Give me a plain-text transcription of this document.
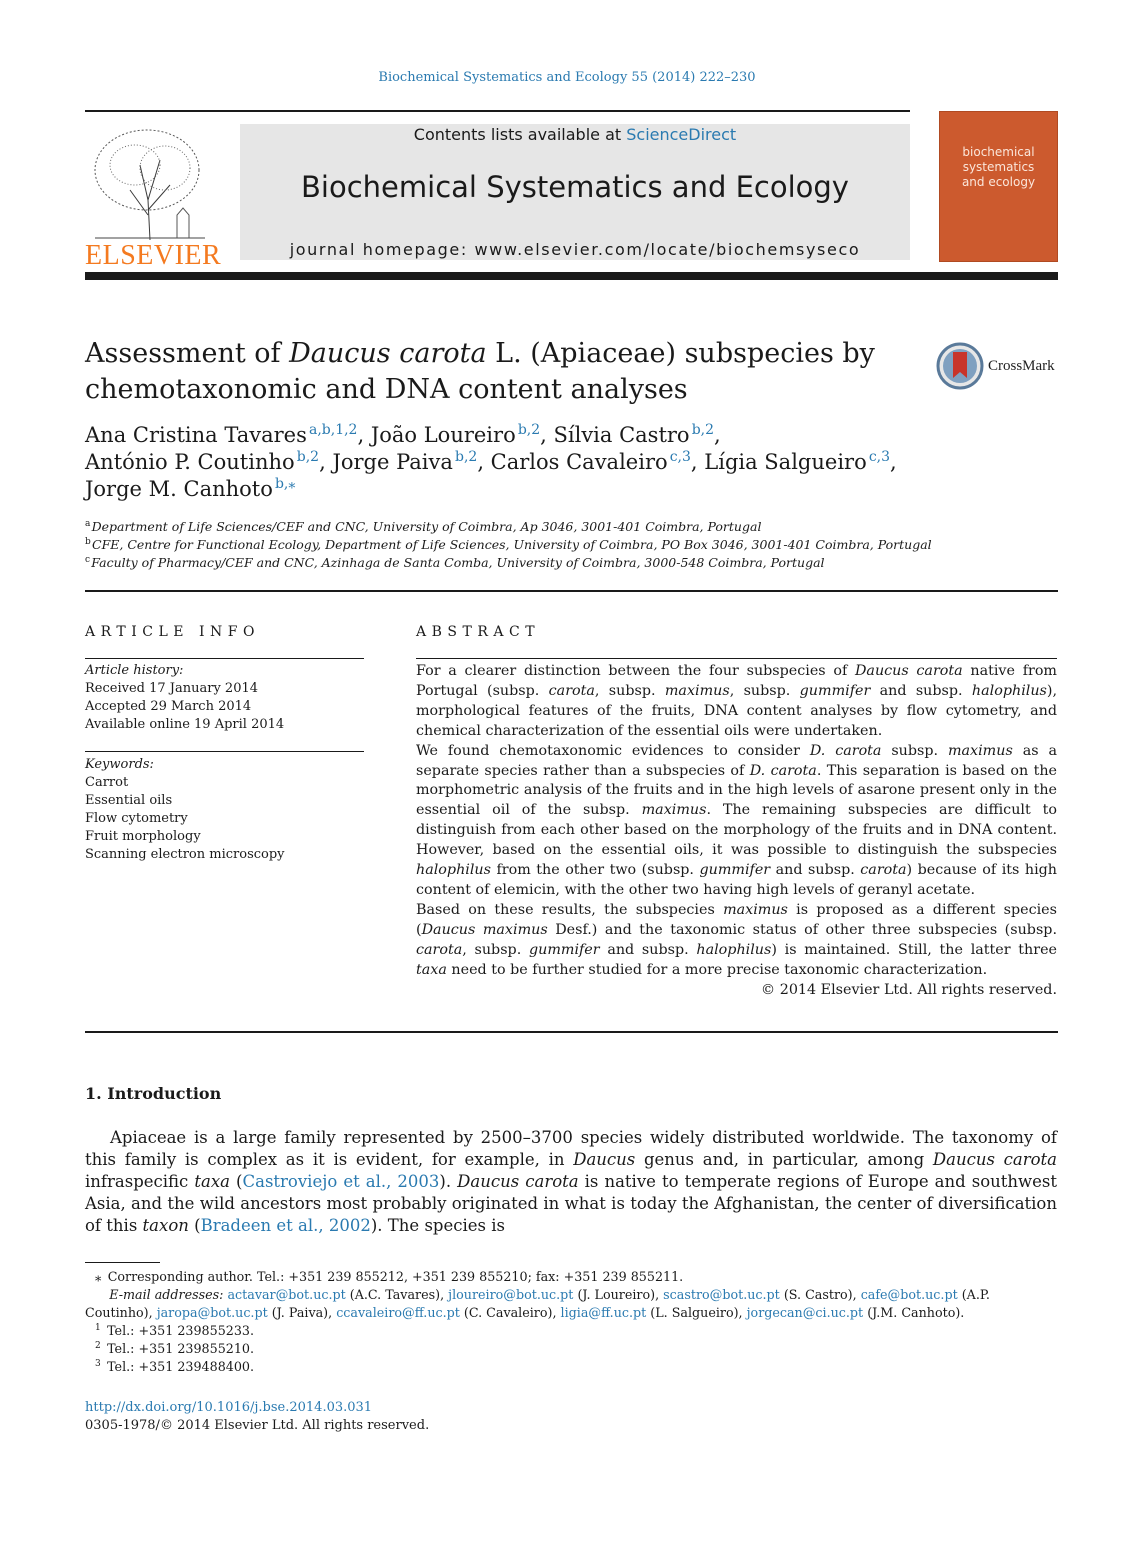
Biochemical Systematics and Ecology 55 (2014) 222–230
ELSEVIER
Contents lists available at ScienceDirect
Biochemical Systematics and Ecology
journal homepage: www.elsevier.com/locate/biochemsyseco
biochemical
systematics
and ecology
Assessment of Daucus carota L. (Apiaceae) subspecies by
chemotaxonomic and DNA content analyses
CrossMark
Ana Cristina Tavares  $^{a,b,1,2}$, João Loureiro  $^{b,2}$, Sílvia Castro  $^{b,2}$,
António P. Coutinho  $^{b,2}$, Jorge Paiva  $^{b,2}$, Carlos Cavaleiro  $^{c,3}$, Lígia Salgueiro  $^{c,3}$,
Jorge M. Canhoto  $^{b,⁎}$
$^a$ Department of Life Sciences/CEF and CNC, University of Coimbra, Ap 3046, 3001-401 Coimbra, Portugal
$^b$ CFE, Centre for Functional Ecology, Department of Life Sciences, University of Coimbra, PO Box 3046, 3001-401 Coimbra, Portugal
$^c$ Faculty of Pharmacy/CEF and CNC, Azinhaga de Santa Comba, University of Coimbra, 3000-548 Coimbra, Portugal
ARTICLE INFO
Article history:
Received 17 January 2014
Accepted 29 March 2014
Available online 19 April 2014
Keywords:
Carrot
Essential oils
Flow cytometry
Fruit morphology
Scanning electron microscopy
ABSTRACT

For a clearer distinction between the four subspecies of Daucus carota native from Portugal (subsp. carota, subsp. maximus, subsp. gummifer and subsp. halophilus), morphological features of the fruits, DNA content analyses by flow cytometry, and chemical characterization of the essential oils were undertaken.

We found chemotaxonomic evidences to consider D. carota subsp. maximus as a separate species rather than a subspecies of D. carota. This separation is based on the morphometric analysis of the fruits and in the high levels of asarone present only in the essential oil of the subsp. maximus. The remaining subspecies are difficult to distinguish from each other based on the morphology of the fruits and in DNA content. However, based on the essential oils, it was possible to distinguish the subspecies halophilus from the other two (subsp. gummifer and subsp. carota) because of its high content of elemicin, with the other two having high levels of geranyl acetate.

Based on these results, the subspecies maximus is proposed as a different species (Daucus maximus Desf.) and the taxonomic status of other three subspecies (subsp. carota, subsp. gummifer and subsp. halophilus) is maintained. Still, the latter three taxa need to be further studied for a more precise taxonomic characterization.

© 2014 Elsevier Ltd. All rights reserved.
1. Introduction
Apiaceae is a large family represented by 2500–3700 species widely distributed worldwide. The taxonomy of this family is complex as it is evident, for example, in Daucus genus and, in particular, among Daucus carota infraspecific taxa (Castroviejo et al., 2003). Daucus carota is native to temperate regions of Europe and southwest Asia, and the wild ancestors most probably originated in what is today the Afghanistan, the center of diversification of this taxon (Bradeen et al., 2002). The species is
⁎ Corresponding author. Tel.: +351 239 855212, +351 239 855210; fax: +351 239 855211.
E-mail addresses: actavar@bot.uc.pt (A.C. Tavares), jloureiro@bot.uc.pt (J. Loureiro), scastro@bot.uc.pt (S. Castro), cafe@bot.uc.pt (A.P. Coutinho), jaropa@bot.uc.pt (J. Paiva), ccavaleiro@ff.uc.pt (C. Cavaleiro), ligia@ff.uc.pt (L. Salgueiro), jorgecan@ci.uc.pt (J.M. Canhoto).
$^1$  Tel.: +351 239855233.
$^2$  Tel.: +351 239855210.
$^3$  Tel.: +351 239488400.
http://dx.doi.org/10.1016/j.bse.2014.03.031
0305-1978/© 2014 Elsevier Ltd. All rights reserved.
